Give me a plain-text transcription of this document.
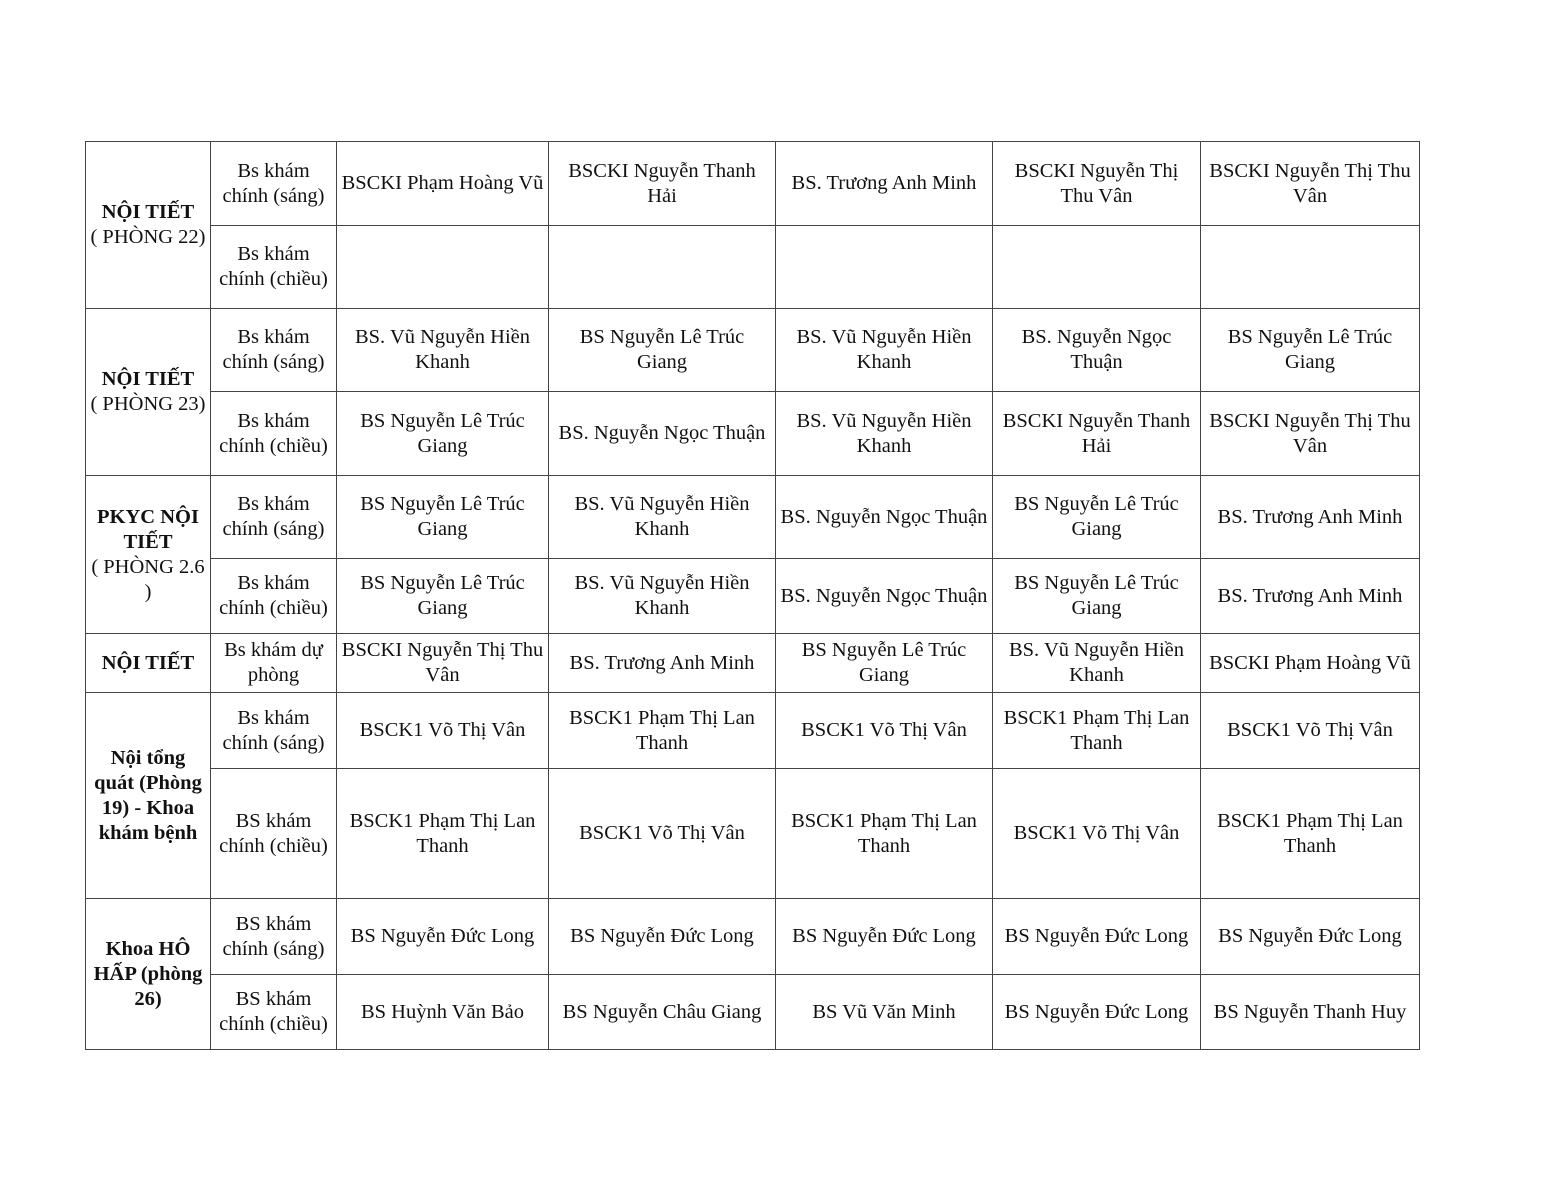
NỘI TIẾT
( PHÒNG 22)	Bs khám chính (sáng)	BSCKI Phạm Hoàng Vũ	BSCKI Nguyễn Thanh Hải	BS. Trương Anh Minh	BSCKI Nguyễn Thị Thu Vân	BSCKI Nguyễn Thị Thu Vân
	Bs khám chính (chiều)					

NỘI TIẾT
( PHÒNG 23)	Bs khám chính (sáng)	BS. Vũ Nguyễn Hiền Khanh	BS Nguyễn Lê Trúc Giang	BS. Vũ Nguyễn Hiền Khanh	BS. Nguyễn Ngọc Thuận	BS Nguyễn Lê Trúc Giang
	Bs khám chính (chiều)	BS Nguyễn Lê Trúc Giang	BS. Nguyễn Ngọc Thuận	BS. Vũ Nguyễn Hiền Khanh	BSCKI Nguyễn Thanh Hải	BSCKI Nguyễn Thị Thu Vân

PKYC NỘI TIẾT
( PHÒNG 2.6 )	Bs khám chính (sáng)	BS Nguyễn Lê Trúc Giang	BS. Vũ Nguyễn Hiền Khanh	BS. Nguyễn Ngọc Thuận	BS Nguyễn Lê Trúc Giang	BS. Trương Anh Minh
	Bs khám chính (chiều)	BS Nguyễn Lê Trúc Giang	BS. Vũ Nguyễn Hiền Khanh	BS. Nguyễn Ngọc Thuận	BS Nguyễn Lê Trúc Giang	BS. Trương Anh Minh

NỘI TIẾT	Bs khám dự phòng	BSCKI Nguyễn Thị Thu Vân	BS. Trương Anh Minh	BS Nguyễn Lê Trúc Giang	BS. Vũ Nguyễn Hiền Khanh	BSCKI Phạm Hoàng Vũ

Nội tổng quát (Phòng 19) - Khoa khám bệnh	Bs khám chính (sáng)	BSCK1 Võ Thị Vân	BSCK1 Phạm Thị Lan Thanh	BSCK1 Võ Thị Vân	BSCK1 Phạm Thị Lan Thanh	BSCK1 Võ Thị Vân
	BS khám chính (chiều)	BSCK1 Phạm Thị Lan Thanh	BSCK1 Võ Thị Vân	BSCK1 Phạm Thị Lan Thanh	BSCK1 Võ Thị Vân	BSCK1 Phạm Thị Lan Thanh

Khoa HÔ HẤP (phòng 26)	BS khám chính (sáng)	BS Nguyễn Đức Long	BS Nguyễn Đức Long	BS Nguyễn Đức Long	BS Nguyễn Đức Long	BS Nguyễn Đức Long
	BS khám chính (chiều)	BS Huỳnh Văn Bảo	BS Nguyễn Châu Giang	BS Vũ Văn Minh	BS Nguyễn Đức Long	BS Nguyễn Thanh Huy
